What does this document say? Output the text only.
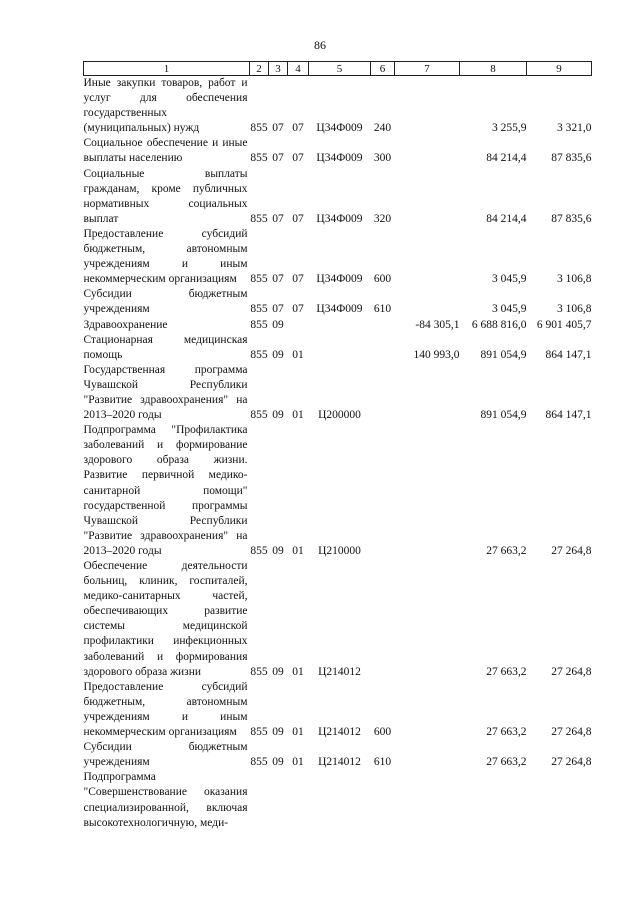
86
1	2	3	4	5	6	7	8	9
Иные закупки товаров, работ и услуг для обеспечения государственных (муниципальных) нужд	855	07	07	Ц34Ф009	240		3 255,9	3 321,0
Социальное обеспечение и иные выплаты населению	855	07	07	Ц34Ф009	300		84 214,4	87 835,6
Социальные выплаты гражданам, кроме публичных нормативных социальных выплат	855	07	07	Ц34Ф009	320		84 214,4	87 835,6
Предоставление субсидий бюджетным, автономным учреждениям и иным некоммерческим организациям	855	07	07	Ц34Ф009	600		3 045,9	3 106,8
Субсидии бюджетным учреждениям	855	07	07	Ц34Ф009	610		3 045,9	3 106,8
Здравоохранение	855	09				-84 305,1	6 688 816,0	6 901 405,7
Стационарная медицинская помощь	855	09	01			140 993,0	891 054,9	864 147,1
Государственная программа Чувашской Республики "Развитие здравоохранения" на 2013–2020 годы	855	09	01	Ц200000			891 054,9	864 147,1
Подпрограмма "Профилактика заболеваний и формирование здорового образа жизни. Развитие первичной медико-санитарной помощи" государственной программы Чувашской Республики "Развитие здравоохранения" на 2013–2020 годы	855	09	01	Ц210000			27 663,2	27 264,8
Обеспечение деятельности больниц, клиник, госпиталей, медико-санитарных частей, обеспечивающих развитие системы медицинской профилактики инфекционных заболеваний и формирования здорового образа жизни	855	09	01	Ц214012			27 663,2	27 264,8
Предоставление субсидий бюджетным, автономным учреждениям и иным некоммерческим организациям	855	09	01	Ц214012	600		27 663,2	27 264,8
Субсидии бюджетным учреждениям	855	09	01	Ц214012	610		27 663,2	27 264,8
Подпрограмма "Совершенствование оказания специализированной, включая высокотехнологичную, меди-								
